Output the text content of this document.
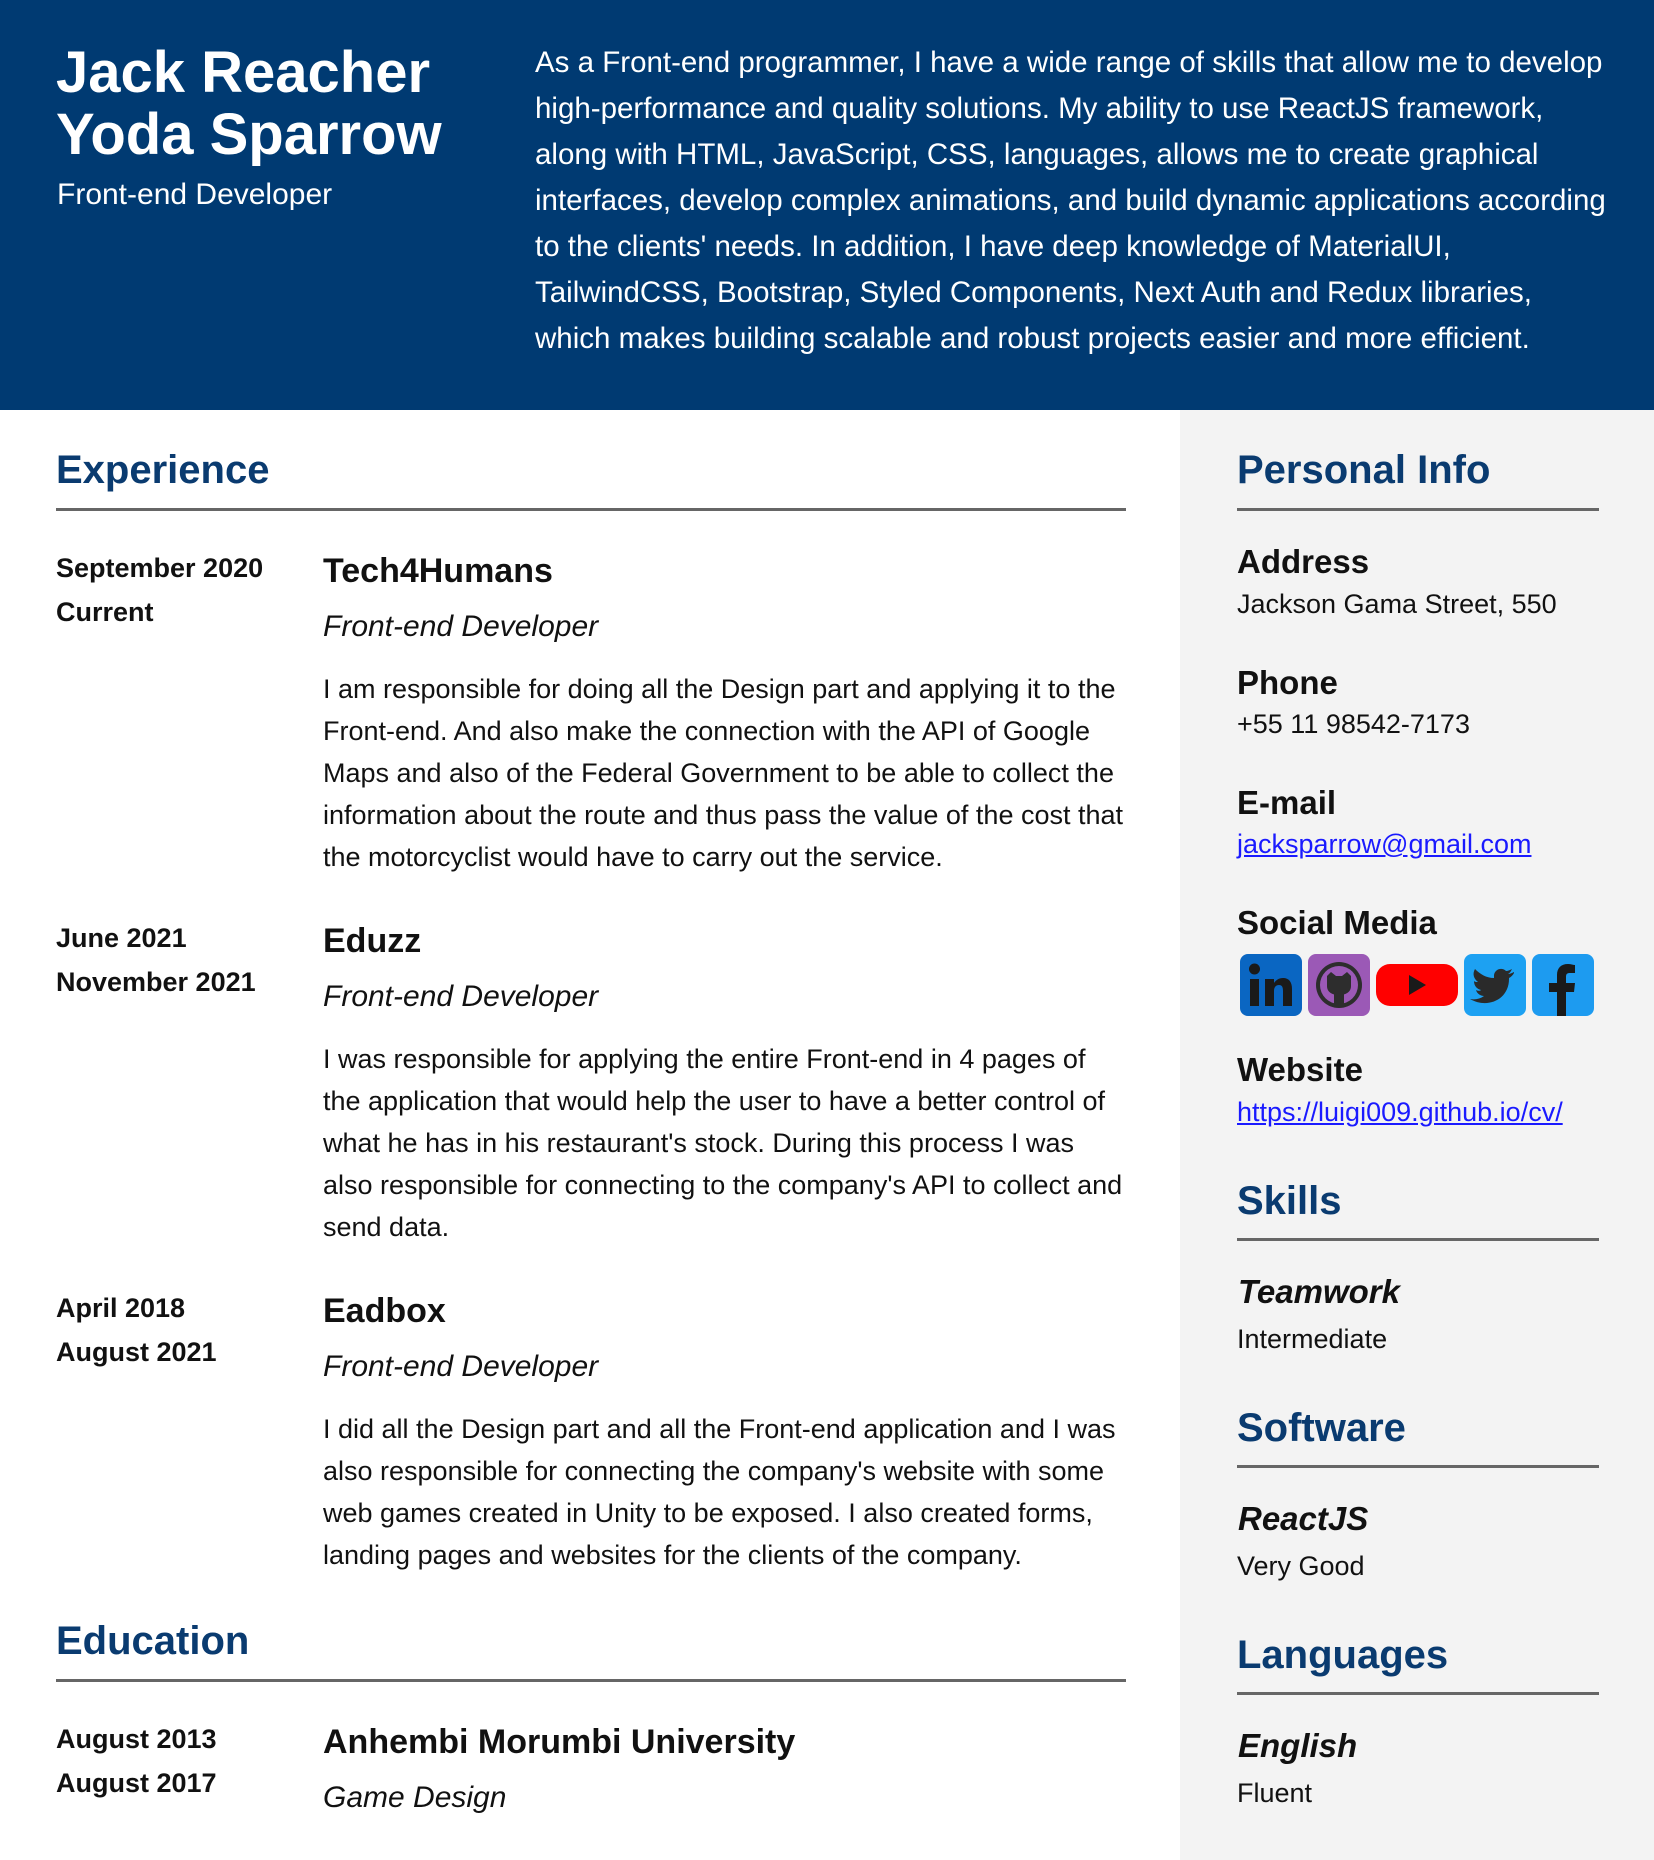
Jack Reacher
Yoda Sparrow
Front-end Developer

As a Front-end programmer, I have a wide range of skills that allow me to develop high-performance and quality solutions. My ability to use ReactJS framework, along with HTML, JavaScript, CSS, languages, allows me to create graphical interfaces, develop complex animations, and build dynamic applications according to the clients' needs. In addition, I have deep knowledge of MaterialUI, TailwindCSS, Bootstrap, Styled Components, Next Auth and Redux libraries, which makes building scalable and robust projects easier and more efficient.

Experience
September 2020
Current
Tech4Humans
Front-end Developer

I am responsible for doing all the Design part and applying it to the Front-end. And also make the connection with the API of Google Maps and also of the Federal Government to be able to collect the information about the route and thus pass the value of the cost that the motorcyclist would have to carry out the service.

June 2021
November 2021
Eduzz
Front-end Developer

I was responsible for applying the entire Front-end in 4 pages of the application that would help the user to have a better control of what he has in his restaurant's stock. During this process I was also responsible for connecting to the company's API to collect and send data.

April 2018
August 2021
Eadbox
Front-end Developer

I did all the Design part and all the Front-end application and I was also responsible for connecting the company's website with some web games created in Unity to be exposed. I also created forms, landing pages and websites for the clients of the company.

Education
August 2013
August 2017
Anhembi Morumbi University
Game Design
Personal Info
Address
Jackson Gama Street, 550
Phone
+55 11 98542-7173
E-mail
jacksparrow@gmail.com
Social Media
Website
https://luigi009.github.io/cv/
Skills
Teamwork
Intermediate
Software
ReactJS
Very Good
Languages
English
Fluent
